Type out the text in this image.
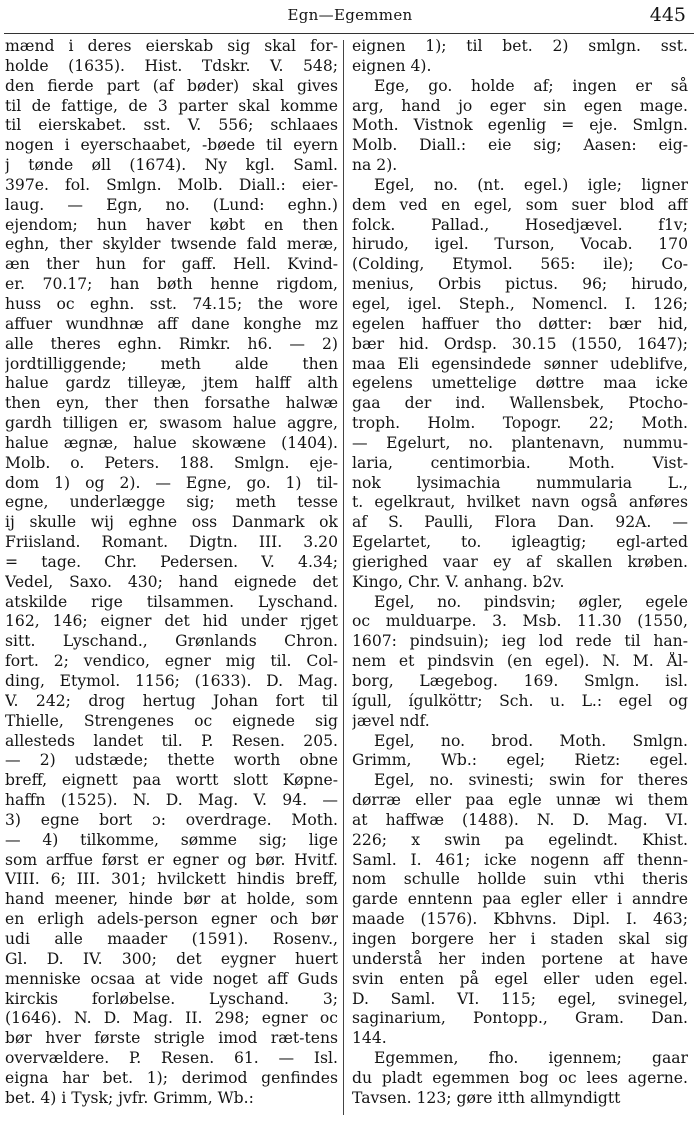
Egn—Egemmen	445
mænd i deres eierskab sig skal for-
holde (1635). Hist. Tdskr. V. 548;
den fierde part (af bøder) skal gives
til de fattige, de 3 parter skal komme
til eierskabet. sst. V. 556; schlaaes
nogen i eyerschaabet, -bøede til eyern
j tønde øll (1674). Ny kgl. Saml.
397e. fol. Smlgn. Molb. Diall.: eier-
laug. — Egn, no. (Lund: eghn.)
ejendom; hun haver købt en then
eghn, ther skylder twsende fald meræ,
æn ther hun for gaff. Hell. Kvind-
er. 70.17; han bøth henne rigdom,
huss oc eghn. sst. 74.15; the wore
affuer wundhnæ aff dane konghe mz
alle theres eghn. Rimkr. h6. — 2)
jordtilliggende; meth alde then
halue gardz tilleyæ, jtem halff alth
then eyn, ther then forsathe halwæ
gardh tilligen er, swasom halue aggre,
halue ægnæ, halue skowæne (1404).
Molb. o. Peters. 188. Smlgn. eje-
dom 1) og 2). — Egne, go. 1) til-
egne, underlægge sig; meth tesse
ij skulle wij eghne oss Danmark ok
Friisland. Romant. Digtn. III. 3.20
= tage. Chr. Pedersen. V. 4.34;
Vedel, Saxo. 430; hand eignede det
atskilde rige tilsammen. Lyschand.
162, 146; eigner det hid under rjget
sitt. Lyschand., Grønlands Chron.
fort. 2; vendico, egner mig til. Col-
ding, Etymol. 1156; (1633). D. Mag.
V. 242; drog hertug Johan fort til
Thielle, Strengenes oc eignede sig
allesteds landet til. P. Resen. 205.
— 2) udstæde; thette worth obne
breff, eignett paa wortt slott Køpne-
haffn (1525). N. D. Mag. V. 94. —
3) egne bort ɔ: overdrage. Moth.
— 4) tilkomme, sømme sig; lige
som arffue først er egner og bør. Hvitf.
VIII. 6; III. 301; hvilckett hindis breff,
hand meener, hinde bør at holde, som
en erligh adels-person egner och bør
udi alle maader (1591). Rosenv.,
Gl. D. IV. 300; det eygner huert
menniske ocsaa at vide noget aff Guds
kirckis forløbelse. Lyschand. 3;
(1646). N. D. Mag. II. 298; egner oc
bør hver første strigle imod ræt-tens
overvældere. P. Resen. 61. — Isl.
eigna har bet. 1); derimod genfindes
bet. 4) i Tysk; jvfr. Grimm, Wb.:
eignen 1); til bet. 2) smlgn. sst.
eignen 4).
Ege, go. holde af; ingen er så
arg, hand jo eger sin egen mage.
Moth. Vistnok egenlig = eje. Smlgn.
Molb. Diall.: eie sig; Aasen: eig-
na 2).
Egel, no. (nt. egel.) igle; ligner
dem ved en egel, som suer blod aff
folck. Pallad., Hosedjævel. f1v;
hirudo, igel. Turson, Vocab. 170
(Colding, Etymol. 565: ile); Co-
menius, Orbis pictus. 96; hirudo,
egel, igel. Steph., Nomencl. I. 126;
egelen haffuer tho døtter: bær hid,
bær hid. Ordsp. 30.15 (1550, 1647);
maa Eli egensindede sønner udeblifve,
egelens umettelige døttre maa icke
gaa der ind. Wallensbek, Ptocho-
troph. Holm. Topogr. 22; Moth.
— Egelurt, no. plantenavn, nummu-
laria, centimorbia. Moth. Vist-
nok lysimachia nummularia L.,
t. egelkraut, hvilket navn også anføres
af S. Paulli, Flora Dan. 92A. —
Egelartet, to. igleagtig; egl-arted
gierighed vaar ey af skallen krøben.
Kingo, Chr. V. anhang. b2v.
Egel, no. pindsvin; øgler, egele
oc mulduarpe. 3. Msb. 11.30 (1550,
1607: pindsuin); ieg lod rede til han-
nem et pindsvin (en egel). N. M. Ål-
borg, Lægebog. 169. Smlgn. isl.
ígull, ígulköttr; Sch. u. L.: egel og
jævel ndf.
Egel, no. brod. Moth. Smlgn.
Grimm, Wb.: egel; Rietz: egel.
Egel, no. svinesti; swin for theres
dørræ eller paa egle unnæ wi them
at haffwæ (1488). N. D. Mag. VI.
226; x swin pa egelindt. Khist.
Saml. I. 461; icke nogenn aff thenn-
nom schulle hollde suin vthi theris
garde enntenn paa egler eller i anndre
maade (1576). Kbhvns. Dipl. I. 463;
ingen borgere her i staden skal sig
understå her inden portene at have
svin enten på egel eller uden egel.
D. Saml. VI. 115; egel, svinegel,
saginarium, Pontopp., Gram. Dan.
144.
Egemmen, fho. igennem; gaar
du pladt egemmen bog oc lees agerne.
Tavsen. 123; gøre itth allmyndigtt
